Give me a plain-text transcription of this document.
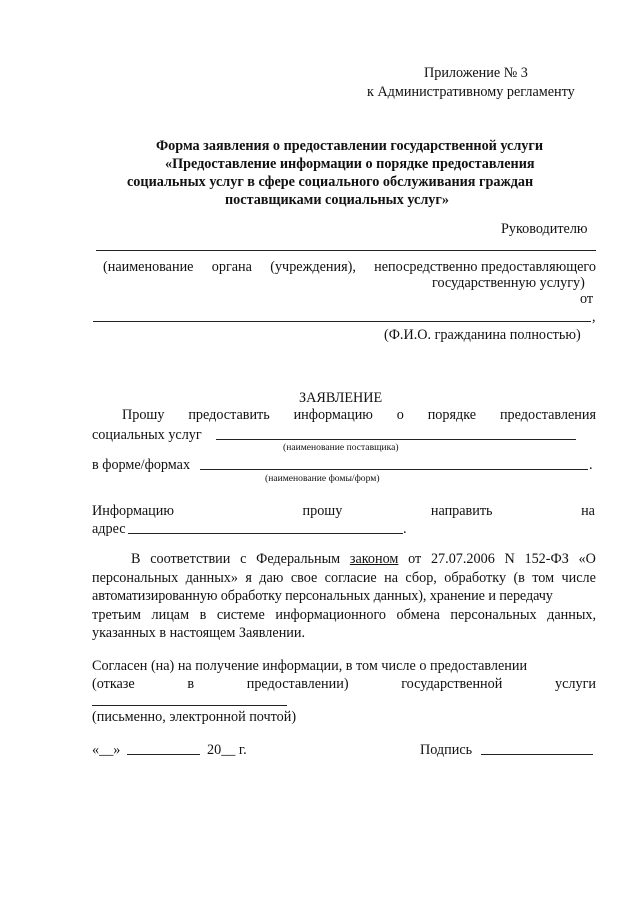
Приложение № 3
к Административному регламенту
Форма заявления о предоставлении государственной услуги
«Предоставление информации о порядке предоставления
социальных услуг в сфере социального обслуживания граждан
поставщиками социальных услуг»
Руководителю
(наименование органа (учреждения), непосредственно предоставляющего
государственную услугу)
от
,
(Ф.И.О. гражданина полностью)
ЗАЯВЛЕНИЕ
Прошу предоставить информацию о порядке предоставления
социальных услуг
(наименование поставщика)
в форме/формах	.
(наименование фомы/форм)
Информацию	прошу	направить	на
адрес	.
В соответствии с Федеральным законом от 27.07.2006 N 152-ФЗ «О
персональных данных» я даю свое согласие на сбор, обработку (в том числе
автоматизированную обработку персональных данных), хранение и передачу
третьим лицам в системе информационного обмена персональных данных,
указанных в настоящем Заявлении.
Согласен (на) на получение информации, в том числе о предоставлении
(отказе	в	предоставлении)	государственной	услуги
(письменно, электронной почтой)
«__»	20__ г.	Подпись
